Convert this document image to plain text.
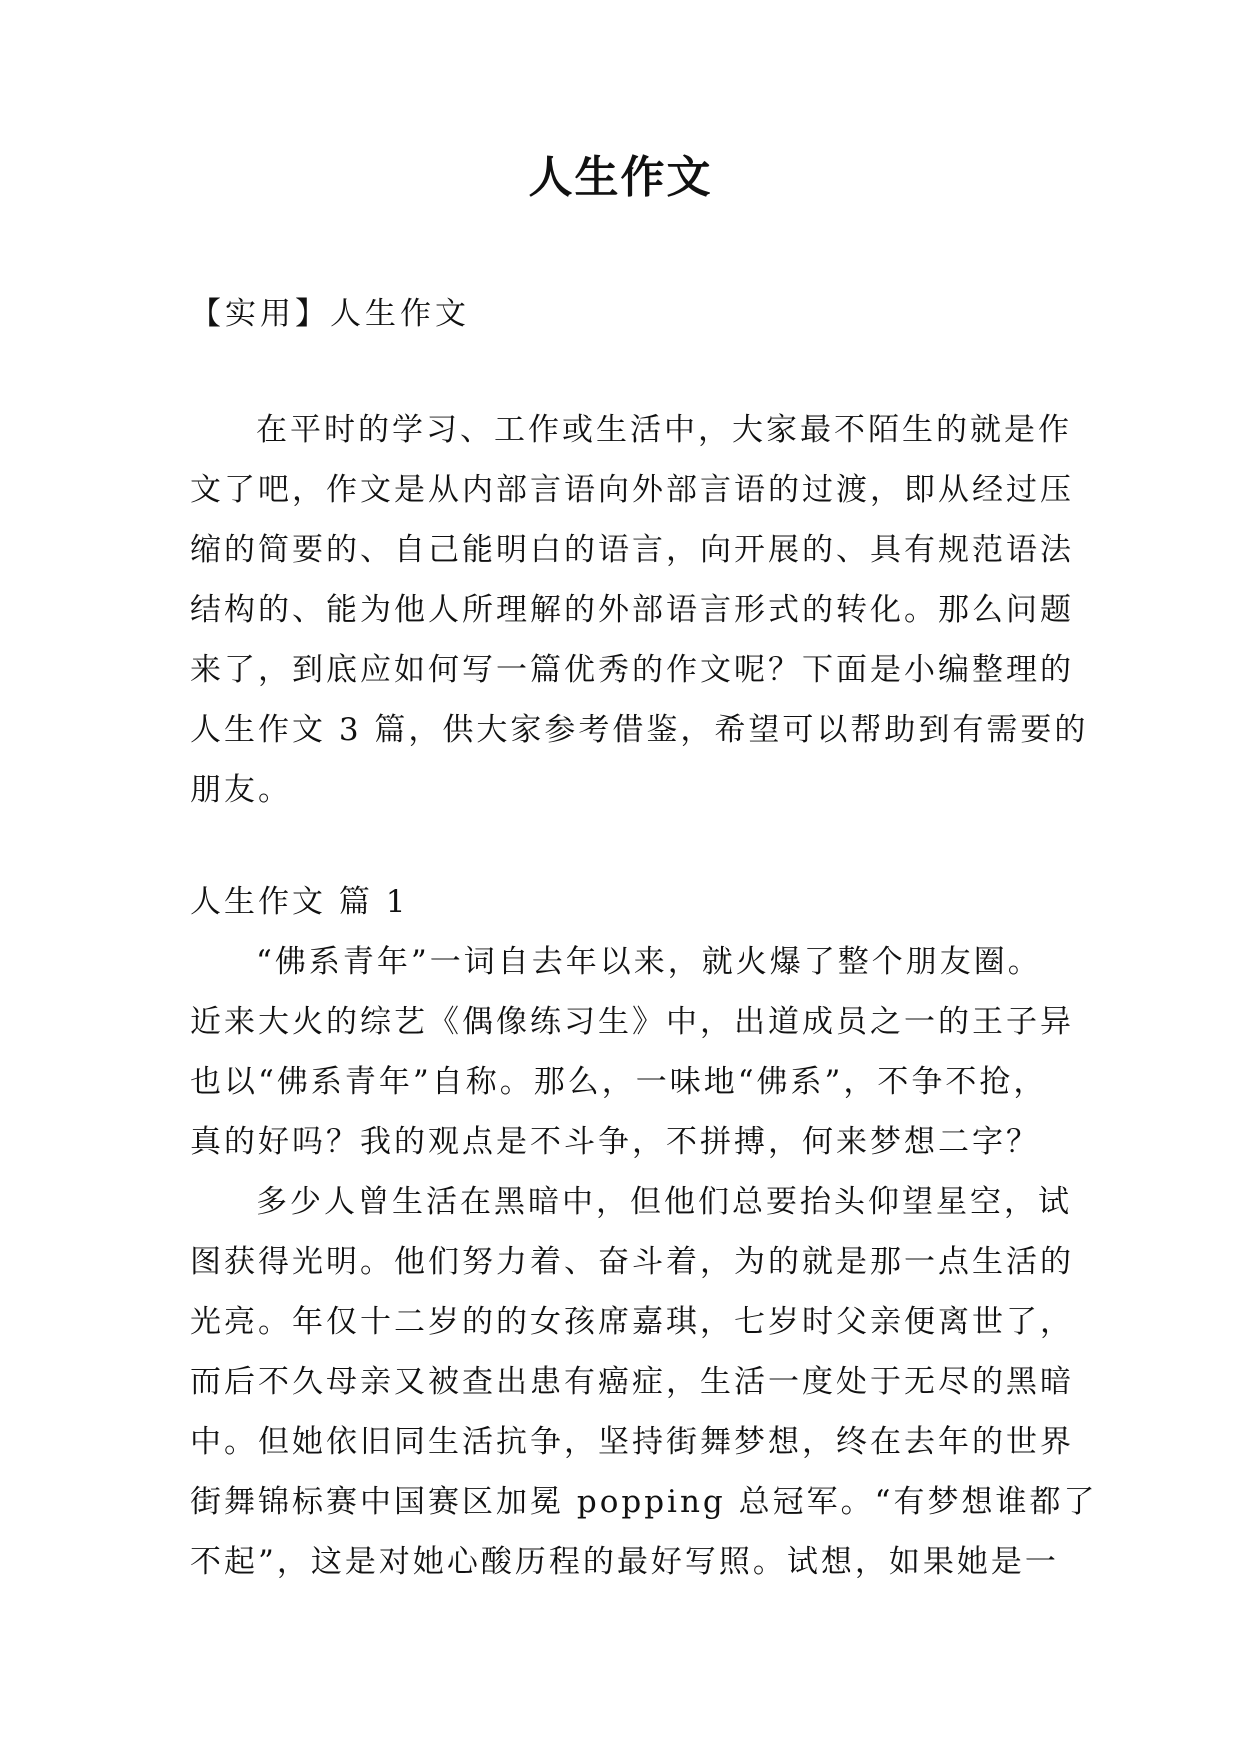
人生作文

【实用】人生作文

在平时的学习、工作或生活中，大家最不陌生的就是作
文了吧，作文是从内部言语向外部言语的过渡，即从经过压
缩的简要的、自己能明白的语言，向开展的、具有规范语法
结构的、能为他人所理解的外部语言形式的转化。那么问题
来了，到底应如何写一篇优秀的作文呢？下面是小编整理的
人生作文 3 篇，供大家参考借鉴，希望可以帮助到有需要的
朋友。

人生作文 篇 1

“佛系青年”一词自去年以来，就火爆了整个朋友圈。
近来大火的综艺《偶像练习生》中，出道成员之一的王子异
也以“佛系青年”自称。那么，一味地“佛系”，不争不抢，
真的好吗？我的观点是不斗争，不拼搏，何来梦想二字？
多少人曾生活在黑暗中，但他们总要抬头仰望星空，试
图获得光明。他们努力着、奋斗着，为的就是那一点生活的
光亮。年仅十二岁的的女孩席嘉琪，七岁时父亲便离世了，
而后不久母亲又被查出患有癌症，生活一度处于无尽的黑暗
中。但她依旧同生活抗争，坚持街舞梦想，终在去年的世界
街舞锦标赛中国赛区加冕 popping 总冠军。“有梦想谁都了
不起”，这是对她心酸历程的最好写照。试想，如果她是一
